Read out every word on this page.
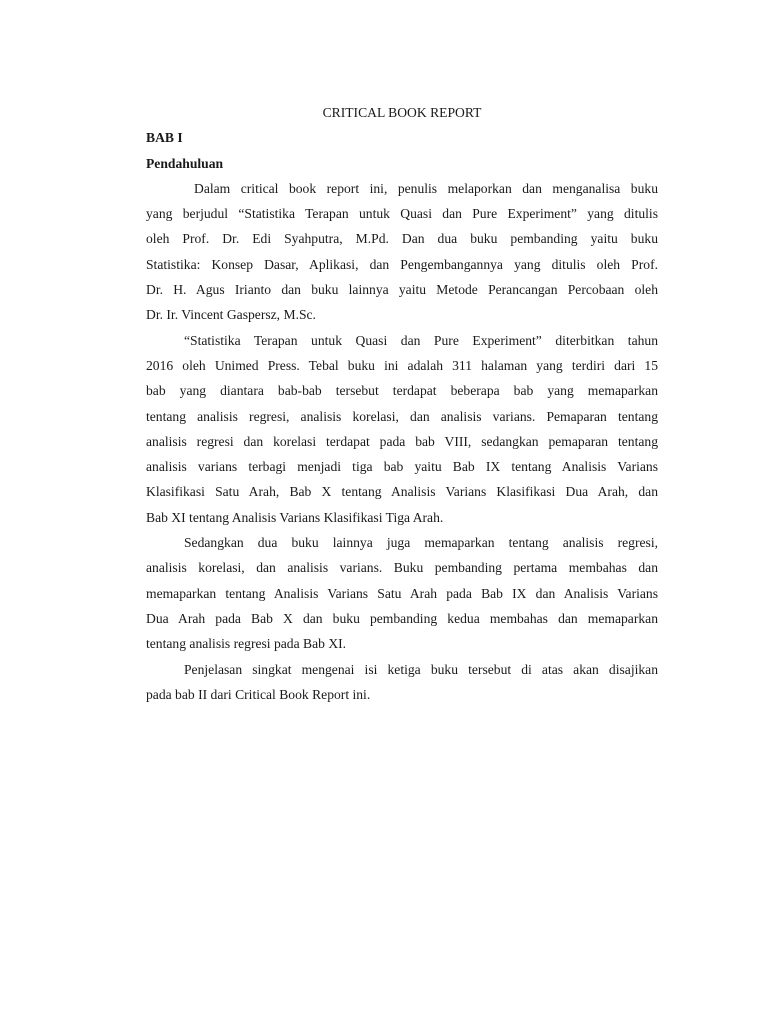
CRITICAL BOOK REPORT
BAB I
Pendahuluan
Dalam critical book report ini, penulis melaporkan dan menganalisa buku
yang berjudul “Statistika Terapan untuk Quasi dan Pure Experiment” yang ditulis
oleh Prof. Dr. Edi Syahputra, M.Pd. Dan dua buku pembanding yaitu buku
Statistika: Konsep Dasar, Aplikasi, dan Pengembangannya yang ditulis oleh Prof.
Dr. H. Agus Irianto dan buku lainnya yaitu Metode Perancangan Percobaan oleh
Dr. Ir. Vincent Gaspersz, M.Sc.
“Statistika Terapan untuk Quasi dan Pure Experiment” diterbitkan tahun
2016 oleh Unimed Press. Tebal buku ini adalah 311 halaman yang terdiri dari 15
bab yang diantara bab-bab tersebut terdapat beberapa bab yang memaparkan
tentang analisis regresi, analisis korelasi, dan analisis varians. Pemaparan tentang
analisis regresi dan korelasi terdapat pada bab VIII, sedangkan pemaparan tentang
analisis varians terbagi menjadi tiga bab yaitu Bab IX tentang Analisis Varians
Klasifikasi Satu Arah, Bab X tentang Analisis Varians Klasifikasi Dua Arah, dan
Bab XI tentang Analisis Varians Klasifikasi Tiga Arah.
Sedangkan dua buku lainnya juga memaparkan tentang analisis regresi,
analisis korelasi, dan analisis varians. Buku pembanding pertama membahas dan
memaparkan tentang Analisis Varians Satu Arah pada Bab IX dan Analisis Varians
Dua Arah pada Bab X dan buku pembanding kedua membahas dan memaparkan
tentang analisis regresi pada Bab XI.
Penjelasan singkat mengenai isi ketiga buku tersebut di atas akan disajikan
pada bab II dari Critical Book Report ini.
